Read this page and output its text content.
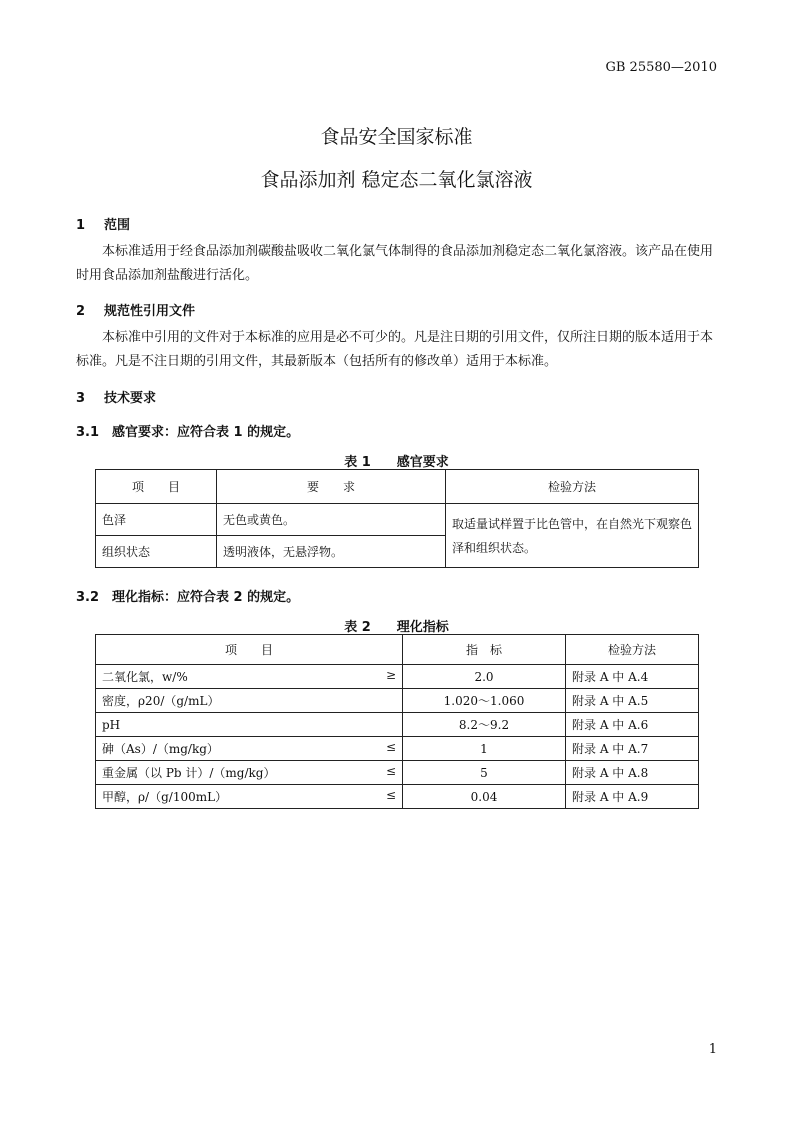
GB 25580—2010
食品安全国家标准
食品添加剂 稳定态二氧化氯溶液
1 范围
本标准适用于经食品添加剂碳酸盐吸收二氧化氯气体制得的食品添加剂稳定态二氧化氯溶液。该产品在使用时用食品添加剂盐酸进行活化。
2 规范性引用文件
本标准中引用的文件对于本标准的应用是必不可少的。凡是注日期的引用文件，仅所注日期的版本适用于本标准。凡是不注日期的引用文件，其最新版本（包括所有的修改单）适用于本标准。
3 技术要求
3.1 感官要求：应符合表 1 的规定。
表 1 感官要求
项　　目	要　　求	检验方法
色泽	无色或黄色。	取适量试样置于比色管中，在自然光下观察色泽和组织状态。
组织状态	透明液体，无悬浮物。	
3.2 理化指标：应符合表 2 的规定。
表 2 理化指标
项　　目	指　标	检验方法
二氧化氯，w/% ≥	2.0	附录 A 中 A.4
密度，ρ20/（g/mL）	1.020～1.060	附录 A 中 A.5
pH	8.2～9.2	附录 A 中 A.6
砷（As）/（mg/kg） ≤	1	附录 A 中 A.7
重金属（以 Pb 计）/（mg/kg） ≤	5	附录 A 中 A.8
甲醇，ρ/（g/100mL） ≤	0.04	附录 A 中 A.9
1
